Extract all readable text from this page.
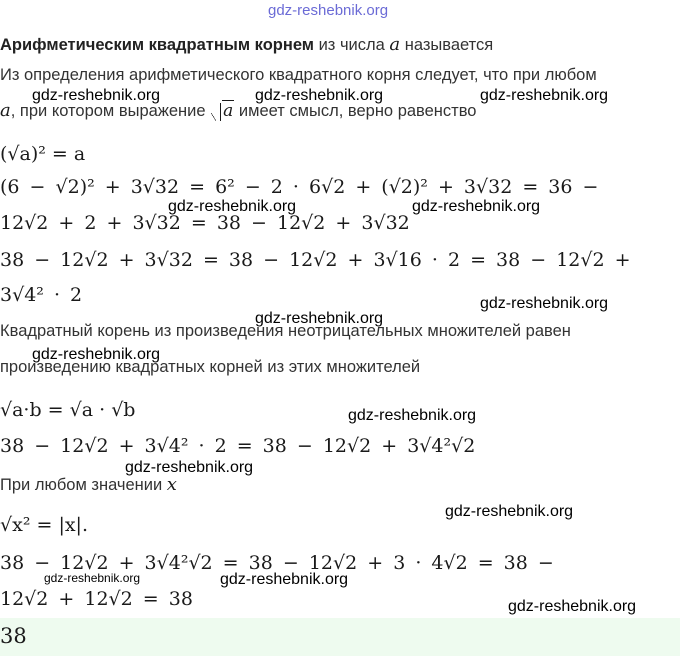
gdz-reshebnik.org
gdz-reshebnik.org	gdz-reshebnik.org	gdz-reshebnik.org
gdz-reshebnik.org	gdz-reshebnik.org
gdz-reshebnik.org
gdz-reshebnik.org
gdz-reshebnik.org
gdz-reshebnik.org
gdz-reshebnik.org
gdz-reshebnik.org
gdz-reshebnik.org	gdz-reshebnik.org
gdz-reshebnik.org
Арифметическим квадратным корнем из числа a называется
Из определения арифметического квадратного корня следует, что при любом
a, при котором выражение a имеет смысл, верно равенство
(√a)² = a
(6 − √2)² + 3√32 = 6² − 2 · 6√2 + (√2)² + 3√32 = 36 −
12√2 + 2 + 3√32 = 38 − 12√2 + 3√32
38 − 12√2 + 3√32 = 38 − 12√2 + 3√16 · 2 = 38 − 12√2 +
3√4² · 2
Квадратный корень из произведения неотрицательных множителей равен
произведению квадратных корней из этих множителей
√a·b = √a · √b
38 − 12√2 + 3√4² · 2 = 38 − 12√2 + 3√4²√2
При любом значении x
√x² = |x|.
38 − 12√2 + 3√4²√2 = 38 − 12√2 + 3 · 4√2 = 38 −
12√2 + 12√2 = 38
38
